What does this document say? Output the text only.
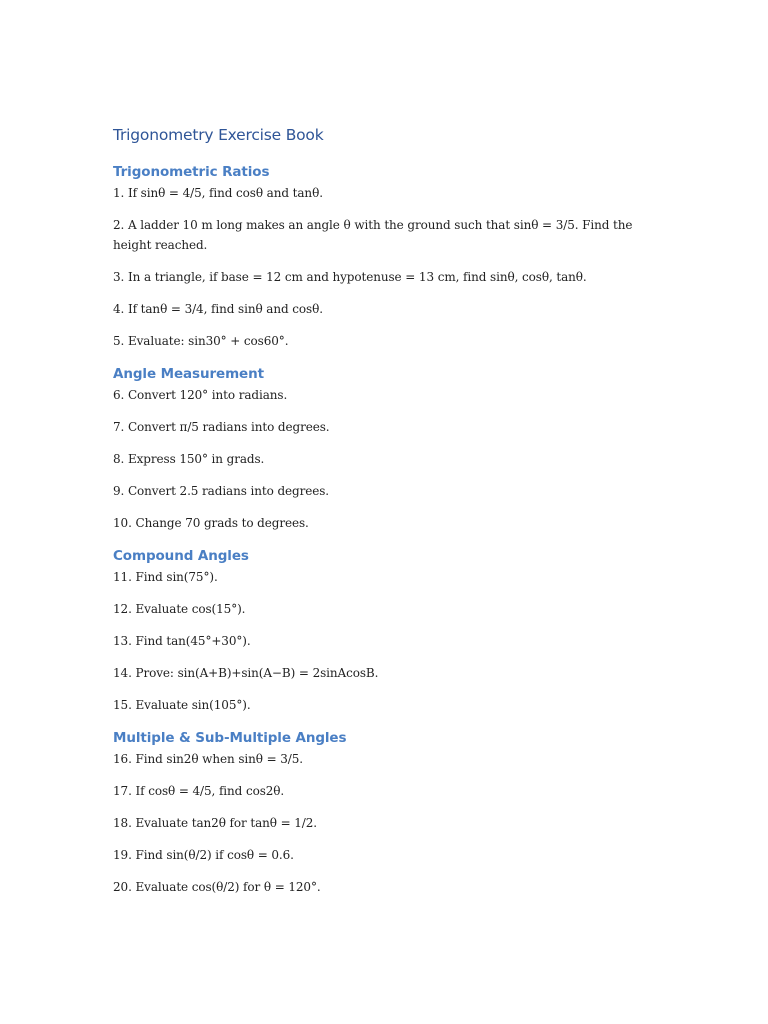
Trigonometry Exercise Book
Trigonometric Ratios

1. If sinθ = 4/5, find cosθ and tanθ.

2. A ladder 10 m long makes an angle θ with the ground such that sinθ = 3/5. Find the height reached.

3. In a triangle, if base = 12 cm and hypotenuse = 13 cm, find sinθ, cosθ, tanθ.

4. If tanθ = 3/4, find sinθ and cosθ.

5. Evaluate: sin30° + cos60°.

Angle Measurement

6. Convert 120° into radians.

7. Convert π/5 radians into degrees.

8. Express 150° in grads.

9. Convert 2.5 radians into degrees.

10. Change 70 grads to degrees.

Compound Angles

11. Find sin(75°).

12. Evaluate cos(15°).

13. Find tan(45°+30°).

14. Prove: sin(A+B)+sin(A−B) = 2sinAcosB.

15. Evaluate sin(105°).

Multiple & Sub-Multiple Angles

16. Find sin2θ when sinθ = 3/5.

17. If cosθ = 4/5, find cos2θ.

18. Evaluate tan2θ for tanθ = 1/2.

19. Find sin(θ/2) if cosθ = 0.6.

20. Evaluate cos(θ/2) for θ = 120°.
